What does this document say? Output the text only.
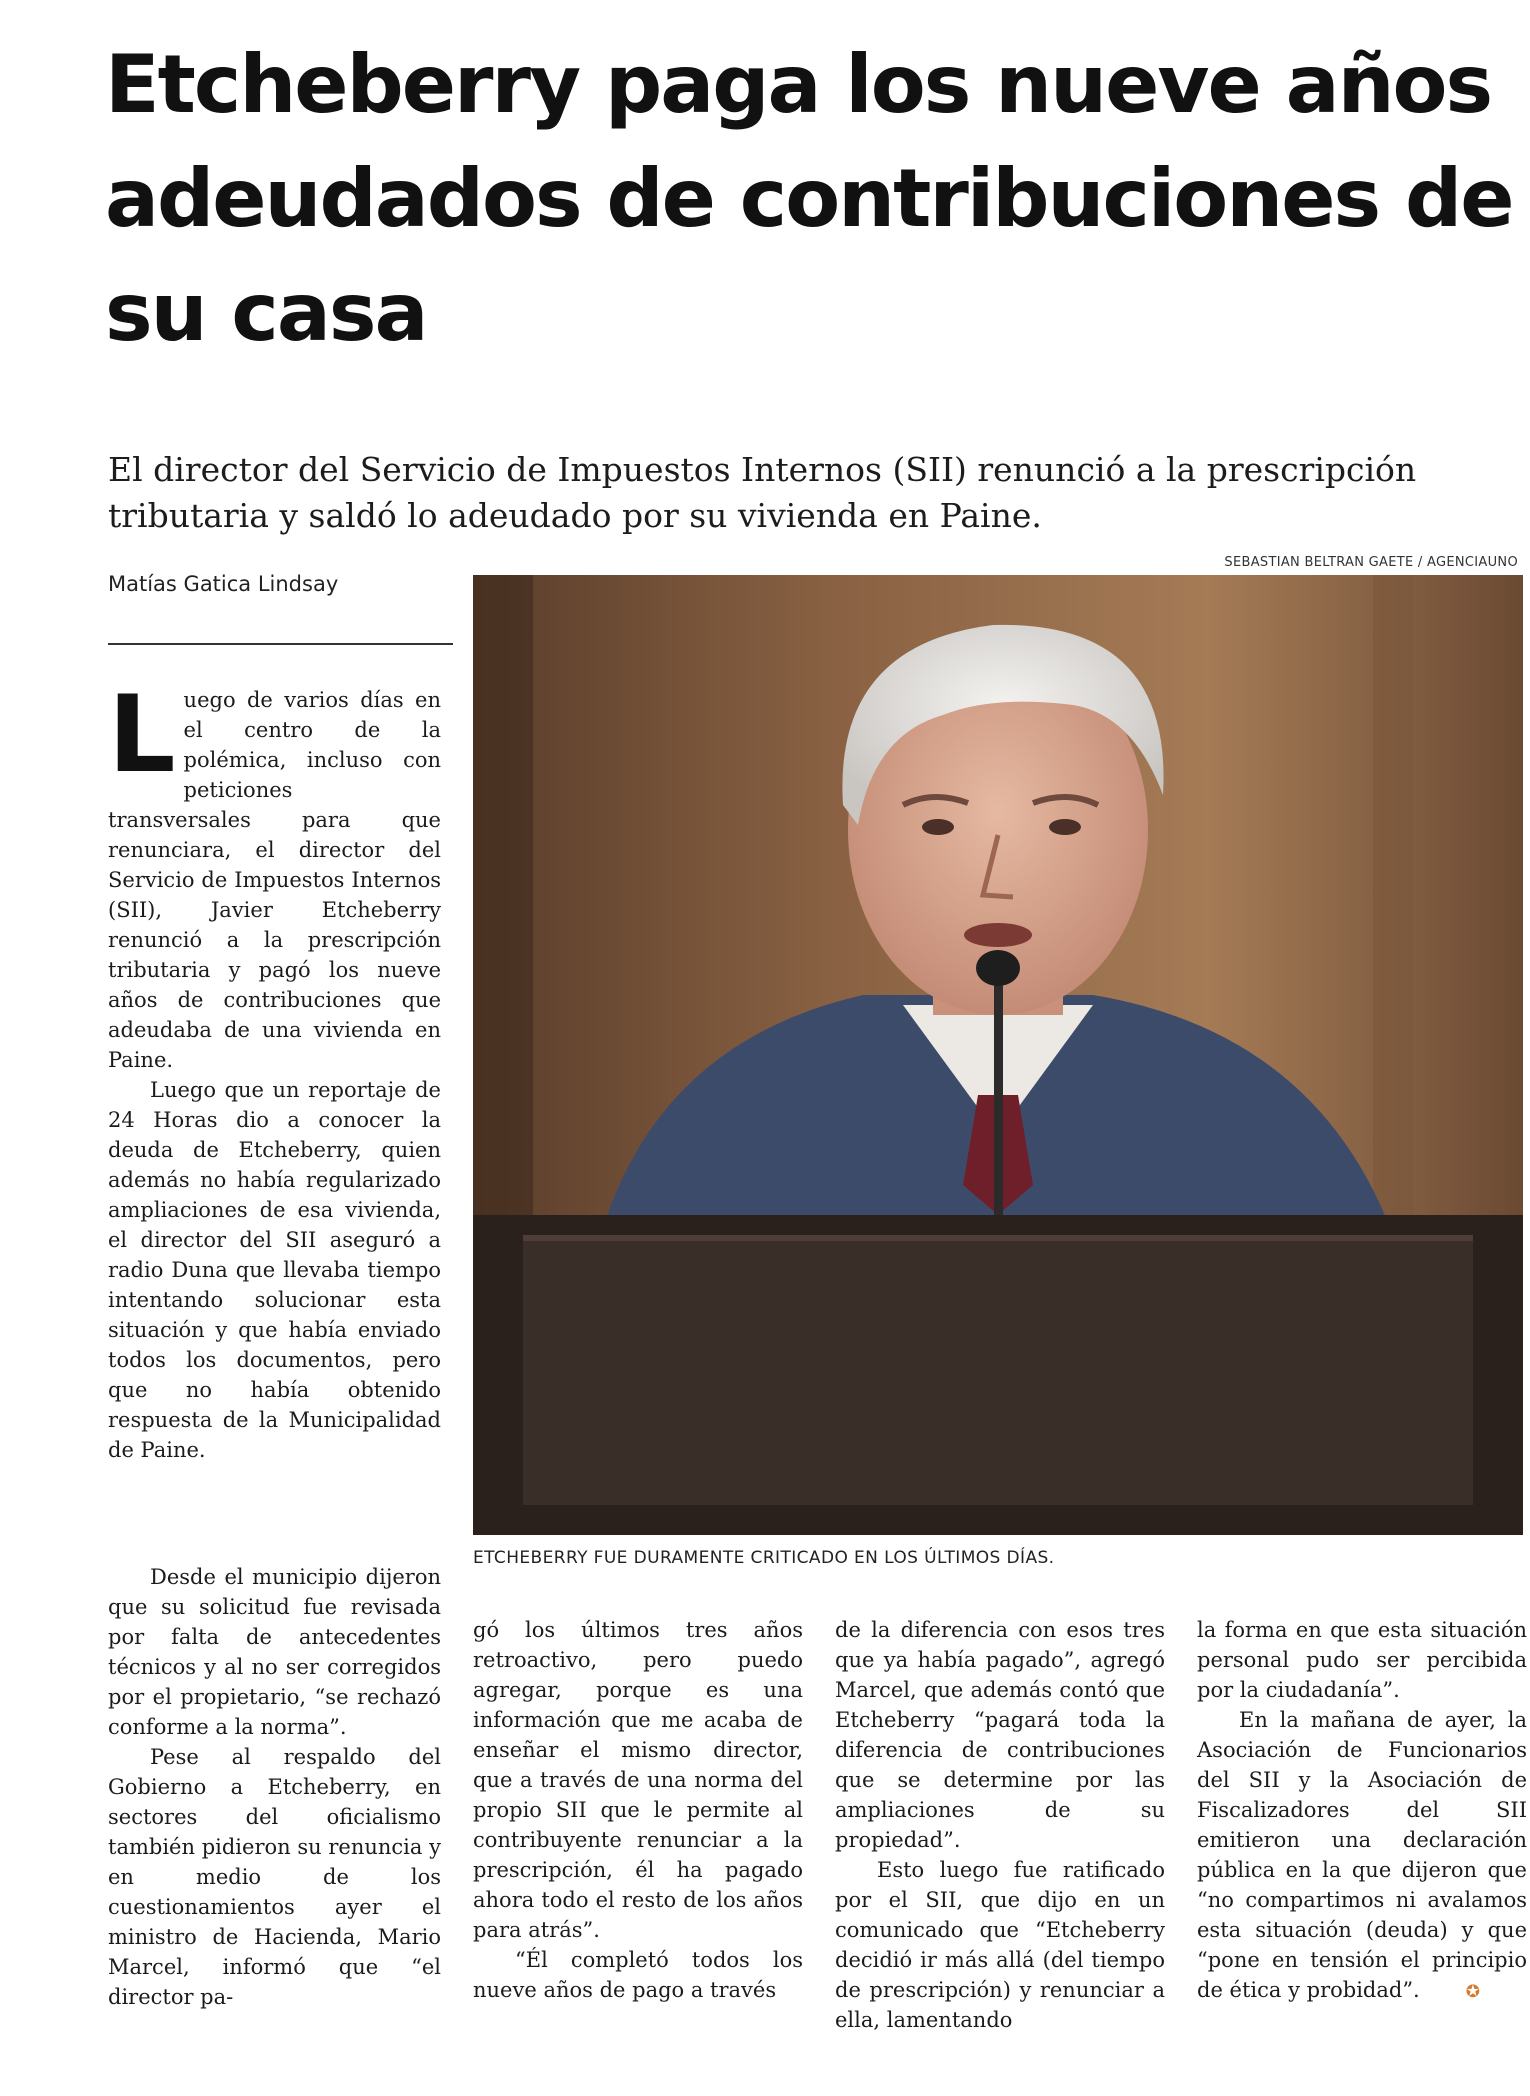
Etcheberry paga los nueve años adeudados de contribuciones de su casa

El director del Servicio de Impuestos Internos (SII) renunció a la prescripción tributaria y saldó lo adeudado por su vivienda en Paine.

SEBASTIAN BELTRAN GAETE / AGENCIAUNO
Matías Gatica Lindsay
ETCHEBERRY FUE DURAMENTE CRITICADO EN LOS ÚLTIMOS DÍAS.

Luego de varios días en el centro de la polémica, incluso con peticiones transversales para que renunciara, el director del Servicio de Impuestos Internos (SII), Javier Etcheberry renunció a la prescripción tributaria y pagó los nueve años de contribuciones que adeudaba de una vivienda en Paine.

Luego que un reportaje de 24 Horas dio a conocer la deuda de Etcheberry, quien además no había regularizado ampliaciones de esa vivienda, el director del SII aseguró a radio Duna que llevaba tiempo intentando solucionar esta situación y que había enviado todos los documentos, pero que no había obtenido respuesta de la Municipalidad de Paine.

Desde el municipio dijeron que su solicitud fue revisada por falta de antecedentes técnicos y al no ser corregidos por el propietario, “se rechazó conforme a la norma”.

Pese al respaldo del Gobierno a Etcheberry, en sectores del oficialismo también pidieron su renuncia y en medio de los cuestionamientos ayer el ministro de Hacienda, Mario Marcel, informó que “el director pa-

gó los últimos tres años retroactivo, pero puedo agregar, porque es una información que me acaba de enseñar el mismo director, que a través de una norma del propio SII que le permite al contribuyente renunciar a la prescripción, él ha pagado ahora todo el resto de los años para atrás”.

“Él completó todos los nueve años de pago a través

de la diferencia con esos tres que ya había pagado”, agregó Marcel, que además contó que Etcheberry “pagará toda la diferencia de contribuciones que se determine por las ampliaciones de su propiedad”.

Esto luego fue ratificado por el SII, que dijo en un comunicado que “Etcheberry decidió ir más allá (del tiempo de prescripción) y renunciar a ella, lamentando

la forma en que esta situación personal pudo ser percibida por la ciudadanía”.

En la mañana de ayer, la Asociación de Funcionarios del SII y la Asociación de Fiscalizadores del SII emitieron una declaración pública en la que dijeron que “no compartimos ni avalamos esta situación (deuda) y que “pone en tensión el principio de ética y probidad”.	✪
